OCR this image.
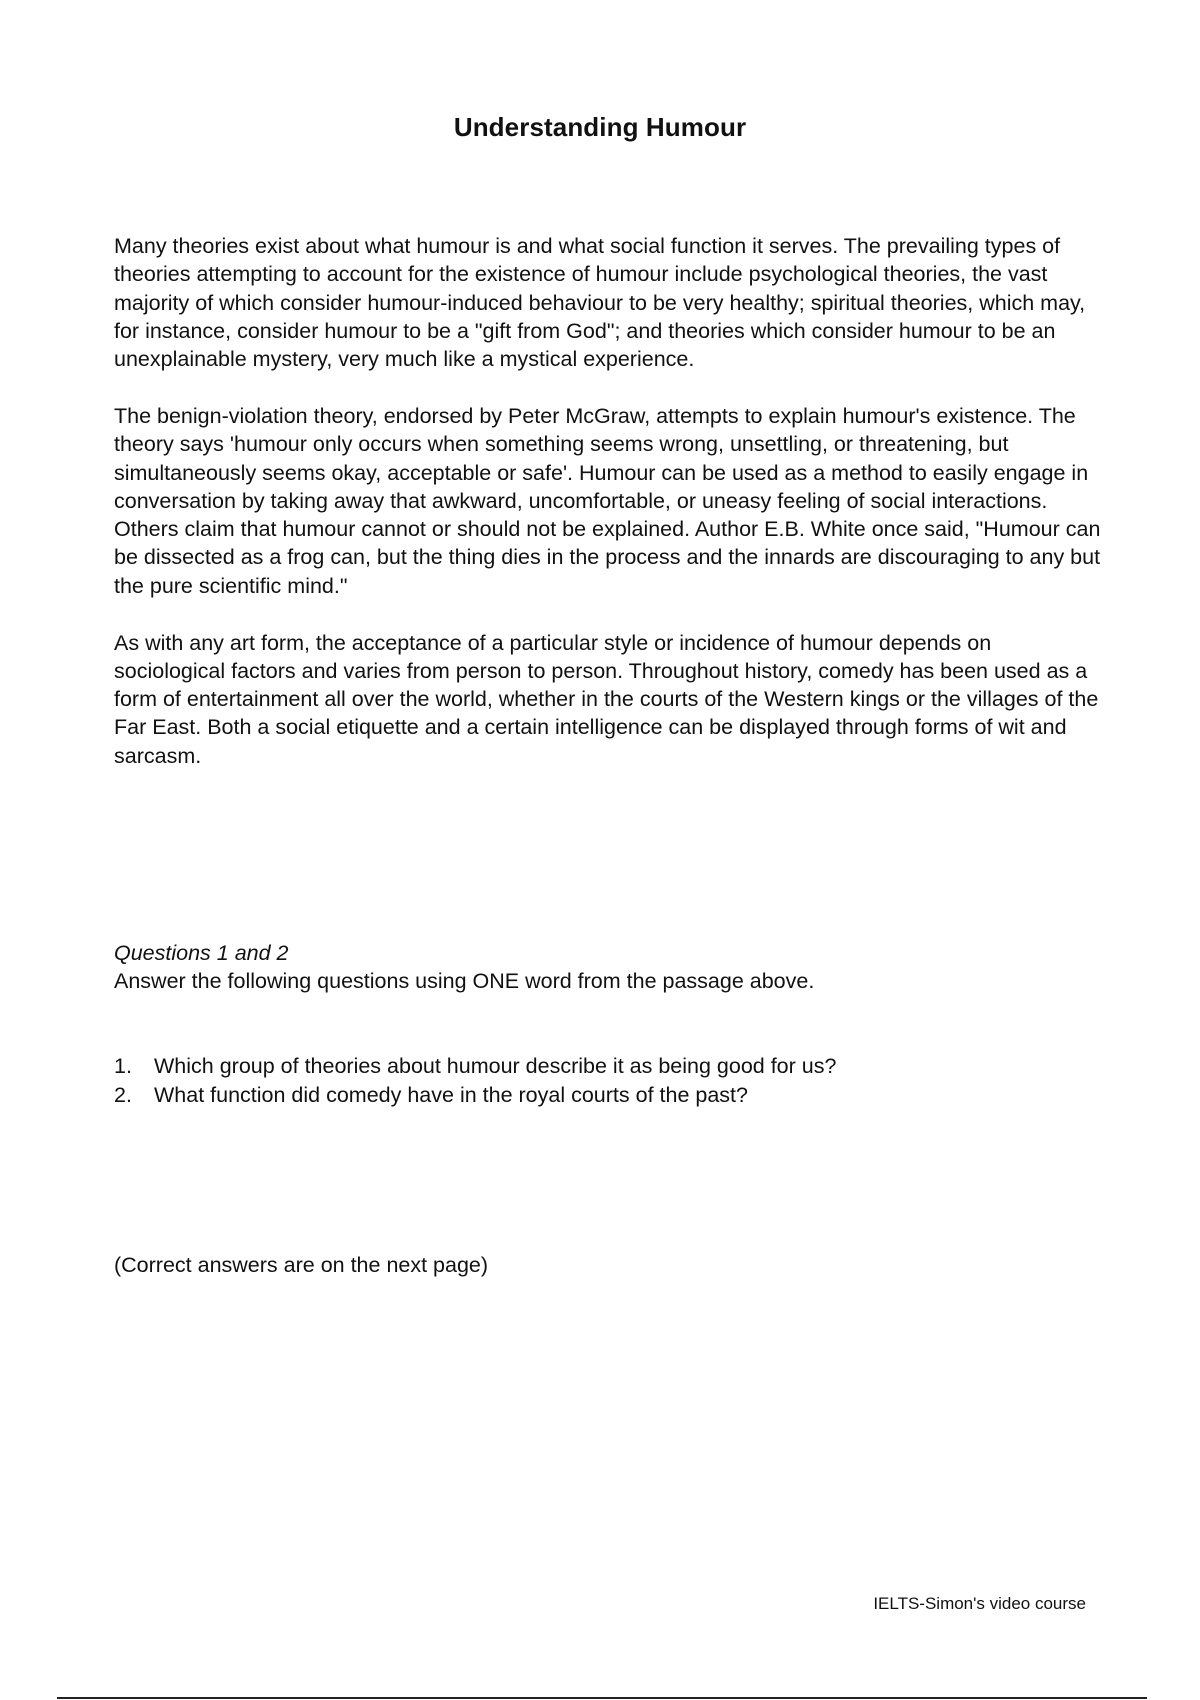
Understanding Humour

Many theories exist about what humour is and what social function it serves. The prevailing types of theories attempting to account for the existence of humour include psychological theories, the vast majority of which consider humour-induced behaviour to be very healthy; spiritual theories, which may, for instance, consider humour to be a "gift from God"; and theories which consider humour to be an unexplainable mystery, very much like a mystical experience.

The benign-violation theory, endorsed by Peter McGraw, attempts to explain humour's existence. The theory says 'humour only occurs when something seems wrong, unsettling, or threatening, but simultaneously seems okay, acceptable or safe'. Humour can be used as a method to easily engage in conversation by taking away that awkward, uncomfortable, or uneasy feeling of social interactions. Others claim that humour cannot or should not be explained. Author E.B. White once said, "Humour can be dissected as a frog can, but the thing dies in the process and the innards are discouraging to any but the pure scientific mind."

As with any art form, the acceptance of a particular style or incidence of humour depends on sociological factors and varies from person to person. Throughout history, comedy has been used as a form of entertainment all over the world, whether in the courts of the Western kings or the villages of the Far East. Both a social etiquette and a certain intelligence can be displayed through forms of wit and sarcasm.

Questions 1 and 2
Answer the following questions using ONE word from the passage above.
1.	Which group of theories about humour describe it as being good for us?
2.	What function did comedy have in the royal courts of the past?
(Correct answers are on the next page)
IELTS-Simon's video course
